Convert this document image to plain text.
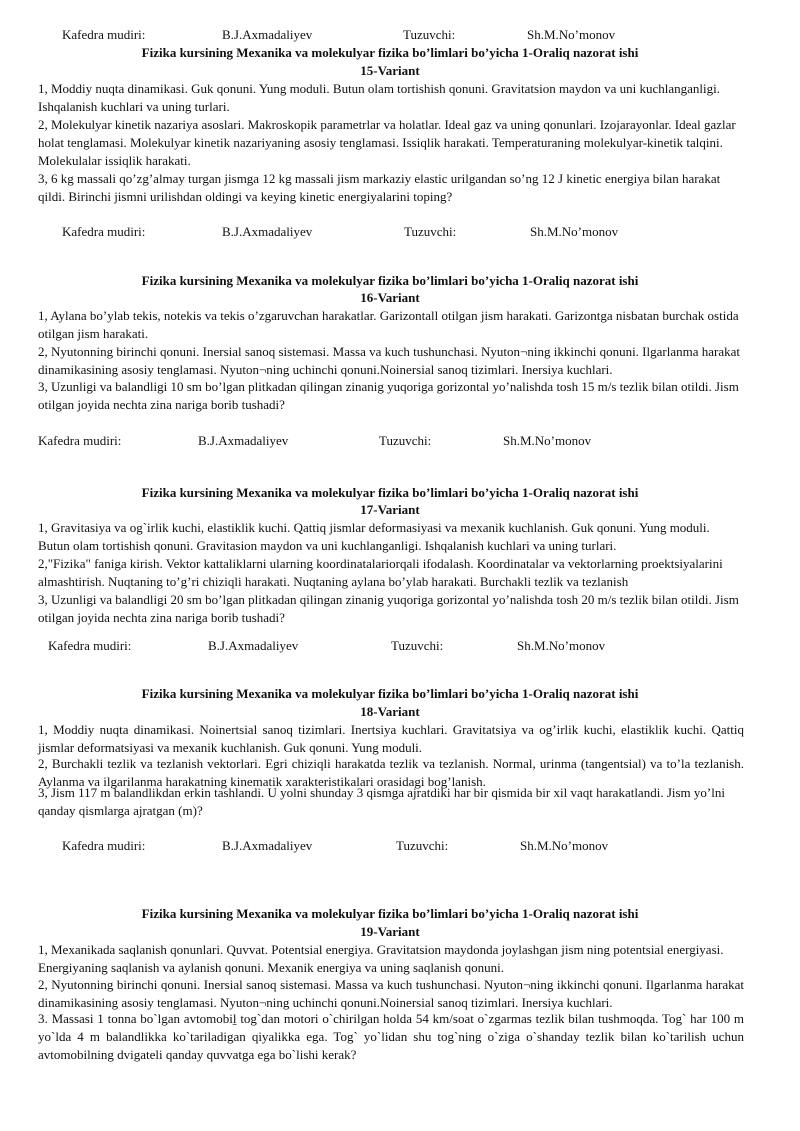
Kafedra mudiri:	B.J.Axmadaliyev	Tuzuvchi:	Sh.M.No’monov
Fizika kursining Mexanika va molekulyar fizika bo’limlari bo’yicha 1-Oraliq nazorat ishi
15-Variant
1, Moddiy nuqta dinamikasi. Guk qonuni. Yung moduli. Butun olam tortishish qonuni. Gravitatsion maydon va uni kuchlanganligi. Ishqalanish kuchlari va uning turlari.
2, Molekulyar kinetik nazariya asoslari. Makroskopik parametrlar va holatlar. Ideal gaz va uning qonunlari. Izojarayonlar. Ideal gazlar holat tenglamasi. Molekulyar kinetik nazariyaning asosiy tenglamasi. Issiqlik harakati. Temperaturaning molekulyar-kinetik talqini. Molekulalar issiqlik harakati.
3, 6 kg massali qo’zg’almay turgan jismga 12 kg massali jism markaziy elastic urilgandan so’ng 12 J kinetic energiya bilan harakat qildi. Birinchi jismni urilishdan oldingi va keying kinetic energiyalarini toping?
Kafedra mudiri:	B.J.Axmadaliyev	Tuzuvchi:	Sh.M.No’monov
Fizika kursining Mexanika va molekulyar fizika bo’limlari bo’yicha 1-Oraliq nazorat ishi
16-Variant
1, Aylana bo’ylab tekis, notekis va tekis o’zgaruvchan harakatlar. Garizontall otilgan jism harakati. Garizontga nisbatan burchak ostida otilgan jism harakati.
2, Nyutonning birinchi qonuni. Inersial sanoq sistemasi. Massa va kuch tushunchasi. Nyuton¬ning ikkinchi qonuni. Ilgarlanma harakat dinamikasining asosiy tenglamasi. Nyuton¬ning uchinchi qonuni.Noinersial sanoq tizimlari. Inersiya kuchlari.
3, Uzunligi va balandligi 10 sm bo’lgan plitkadan qilingan zinanig yuqoriga gorizontal yo’nalishda tosh 15 m/s tezlik bilan otildi. Jism otilgan joyida nechta zina nariga borib tushadi?
Kafedra mudiri:	B.J.Axmadaliyev	Tuzuvchi:	Sh.M.No’monov
Fizika kursining Mexanika va molekulyar fizika bo’limlari bo’yicha 1-Oraliq nazorat ishi
17-Variant
1, Gravitasiya va og`irlik kuchi, elastiklik kuchi. Qattiq jismlar deformasiyasi va mexanik kuchlanish. Guk qonuni. Yung moduli. Butun olam tortishish qonuni. Gravitasion maydon va uni kuchlanganligi. Ishqalanish kuchlari va uning turlari.
2,"Fizika" faniga kirish. Vektor kattaliklarni ularning koordinatalariorqali ifodalash. Koordinatalar va vektorlarning proektsiyalarini almashtirish. Nuqtaning to’g’ri chiziqli harakati. Nuqtaning aylana bo’ylab harakati. Burchakli tezlik va tezlanish
3, Uzunligi va balandligi 20 sm bo’lgan plitkadan qilingan zinanig yuqoriga gorizontal yo’nalishda tosh 20 m/s tezlik bilan otildi. Jism otilgan joyida nechta zina nariga borib tushadi?
Kafedra mudiri:	B.J.Axmadaliyev	Tuzuvchi:	Sh.M.No’monov
Fizika kursining Mexanika va molekulyar fizika bo’limlari bo’yicha 1-Oraliq nazorat ishi
18-Variant
1, Moddiy nuqta dinamikasi. Noinertsial sanoq tizimlari. Inertsiya kuchlari. Gravitatsiya va og’irlik kuchi, elastiklik kuchi. Qattiq jismlar deformatsiyasi va mexanik kuchlanish. Guk qonuni. Yung moduli.
2, Burchakli tezlik va tezlanish vektorlari. Egri chiziqli harakatda tezlik va tezlanish. Normal, urinma (tangentsial) va to’la tezlanish. Aylanma va ilgarilanma harakatning kinematik xarakteristikalari orasidagi bog’lanish.
3, Jism 117 m balandlikdan erkin tashlandi. U yolni shunday 3 qismga ajratdiki har bir qismida bir xil vaqt harakatlandi. Jism yo’lni qanday qismlarga ajratgan (m)?
Kafedra mudiri:	B.J.Axmadaliyev	Tuzuvchi:	Sh.M.No’monov
Fizika kursining Mexanika va molekulyar fizika bo’limlari bo’yicha 1-Oraliq nazorat ishi
19-Variant
1, Mexanikada saqlanish qonunlari. Quvvat. Potentsial energiya. Gravitatsion maydonda joylashgan jism ning potentsial energiyasi. Energiyaning saqlanish va aylanish qonuni. Mexanik energiya va uning saqlanish qonuni.
2, Nyutonning birinchi qonuni. Inersial sanoq sistemasi. Massa va kuch tushunchasi. Nyuton¬ning ikkinchi qonuni. Ilgarlanma harakat dinamikasining asosiy tenglamasi. Nyuton¬ning uchinchi qonuni.Noinersial sanoq tizimlari. Inersiya kuchlari.
3. Massasi 1 tonna bo`lgan avtomobiḻ tog`dan motori o`chirilgan holda 54 km/soat o`zgarmas tezlik bilan tushmoqda. Tog` har 100 m yo`lda 4 m balandlikka ko`tariladigan qiyalikka ega. Tog` yo`lidan shu tog`ning o`ziga o`shanday tezlik bilan ko`tarilish uchun avtomobilning dvigateli qanday quvvatga ega bo`lishi kerak?
